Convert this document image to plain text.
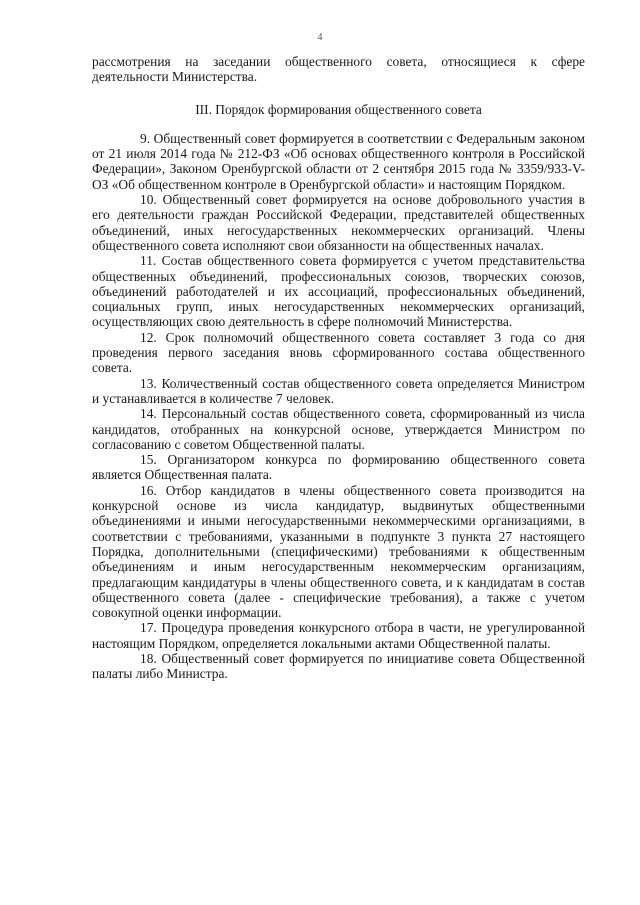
4

рассмотрения на заседании общественного совета, относящиеся к сфере деятельности Министерства.

III. Порядок формирования общественного совета

9. Общественный совет формируется в соответствии с Федеральным законом от 21 июля 2014 года № 212-ФЗ «Об основах общественного контроля в Российской Федерации», Законом Оренбургской области от 2 сентября 2015 года № 3359/933-V-ОЗ «Об общественном контроле в Оренбургской области» и настоящим Порядком.

10. Общественный совет формируется на основе добровольного участия в его деятельности граждан Российской Федерации, представителей общественных объединений, иных негосударственных некоммерческих организаций. Члены общественного совета исполняют свои обязанности на общественных началах.

11. Состав общественного совета формируется с учетом представительства общественных объединений, профессиональных союзов, творческих союзов, объединений работодателей и их ассоциаций, профессиональных объединений, социальных групп, иных негосударственных некоммерческих организаций, осуществляющих свою деятельность в сфере полномочий Министерства.

12. Срок полномочий общественного совета составляет 3 года со дня проведения первого заседания вновь сформированного состава общественного совета.

13. Количественный состав общественного совета определяется Министром и устанавливается в количестве 7 человек.

14. Персональный состав общественного совета, сформированный из числа кандидатов, отобранных на конкурсной основе, утверждается Министром по согласованию с советом Общественной палаты.

15. Организатором конкурса по формированию общественного совета является Общественная палата.

16. Отбор кандидатов в члены общественного совета производится на конкурсной основе из числа кандидатур, выдвинутых общественными объединениями и иными негосударственными некоммерческими организациями, в соответствии с требованиями, указанными в подпункте 3 пункта 27 настоящего Порядка, дополнительными (специфическими) требованиями к общественным объединениям и иным негосударственным некоммерческим организациям, предлагающим кандидатуры в члены общественного совета, и к кандидатам в состав общественного совета (далее - специфические требования), а также с учетом совокупной оценки информации.

17. Процедура проведения конкурсного отбора в части, не урегулированной настоящим Порядком, определяется локальными актами Общественной палаты.

18. Общественный совет формируется по инициативе совета Общественной палаты либо Министра.
